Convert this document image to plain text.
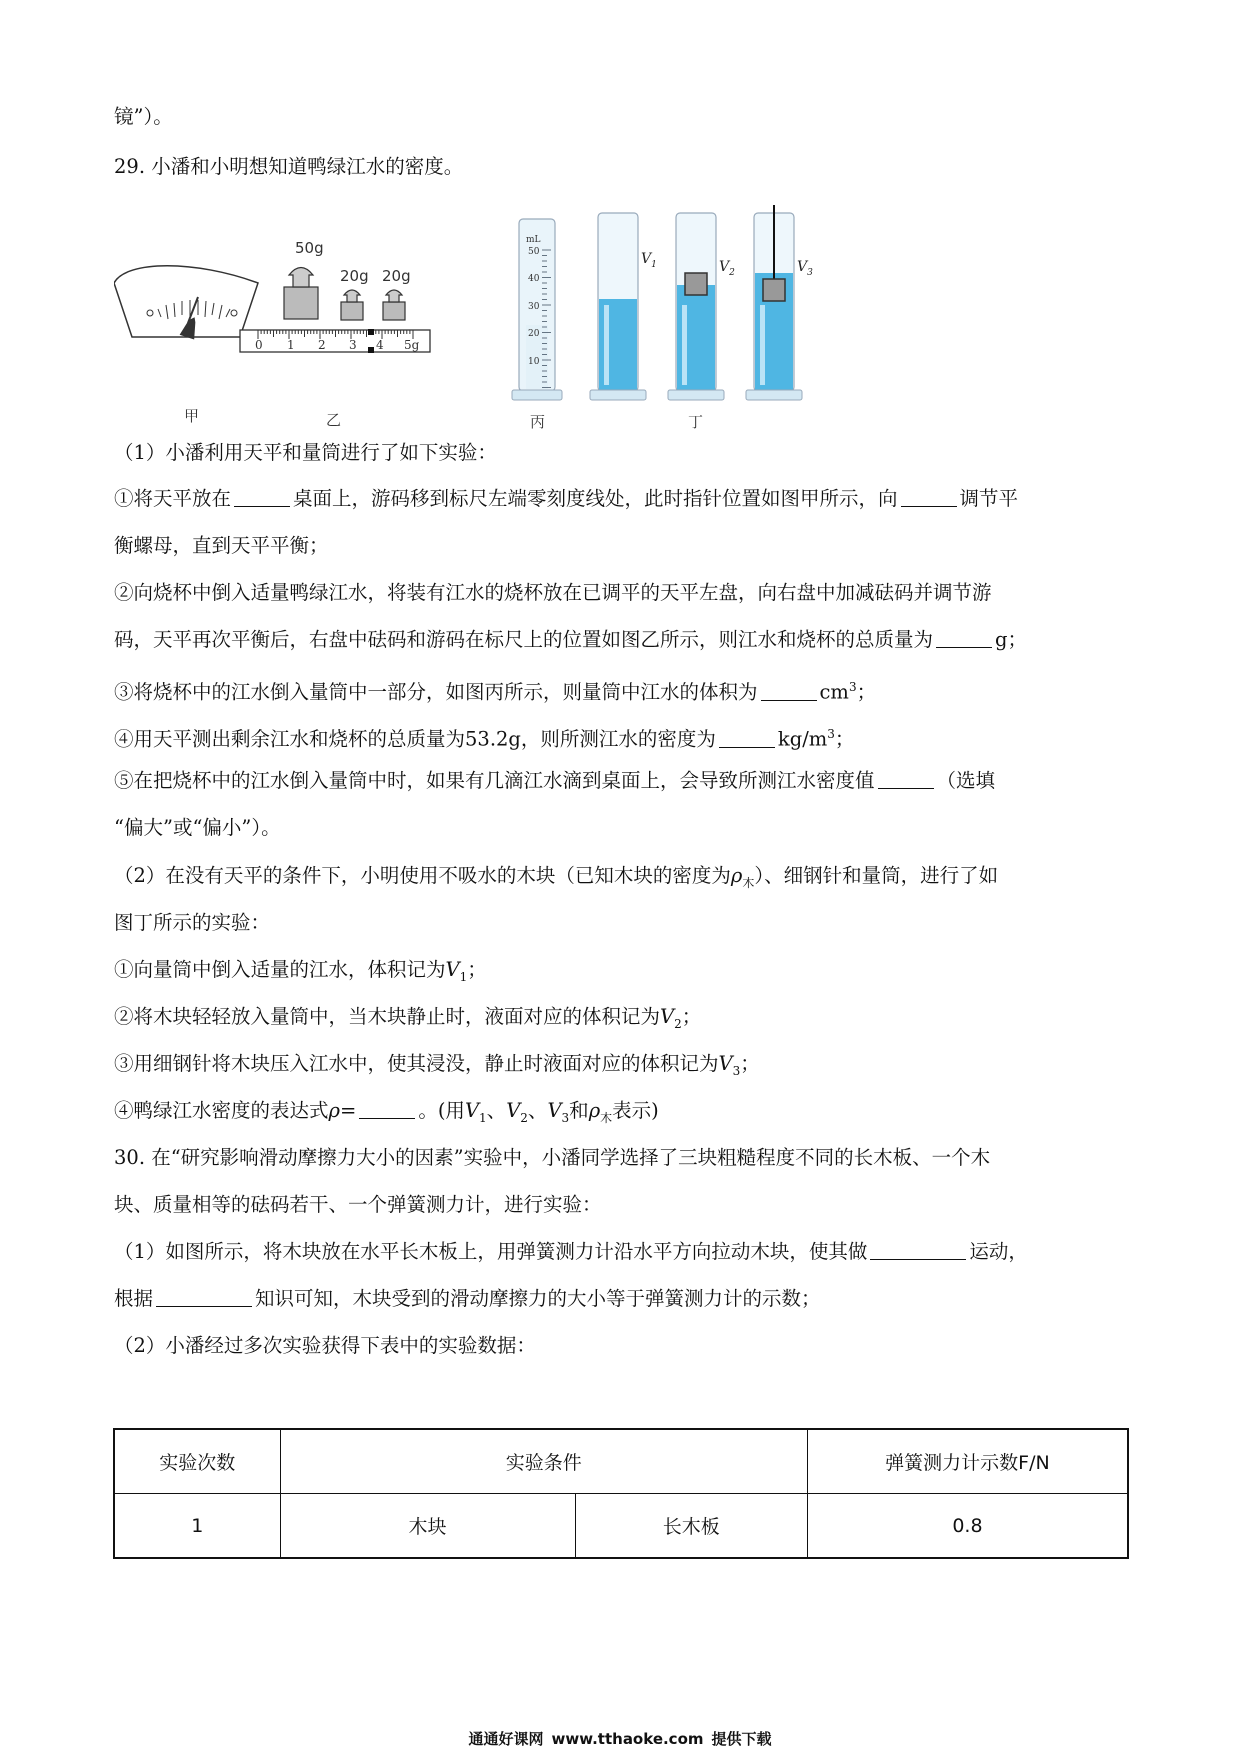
镜”）。
29. 小潘和小明想知道鸭绿江水的密度。
甲
50g
20g 20g
0 1 2 3 4 5g
乙
mL
50
40
30
20
10
丙
$V_1$	$V_2$	$V_3$
丁
（1）小潘利用天平和量筒进行了如下实验：
①将天平放在	桌面上，游码移到标尺左端零刻度线处，此时指针位置如图甲所示，向	调节平
衡螺母，直到天平平衡；
②向烧杯中倒入适量鸭绿江水，将装有江水的烧杯放在已调平的天平左盘，向右盘中加减砝码并调节游
码，天平再次平衡后，右盘中砝码和游码在标尺上的位置如图乙所示，则江水和烧杯的总质量为	g；
③将烧杯中的江水倒入量筒中一部分，如图丙所示，则量筒中江水的体积为	$cm^3$；
④用天平测出剩余江水和烧杯的总质量为53.2g，则所测江水的密度为	$kg/m^3$；
⑤在把烧杯中的江水倒入量筒中时，如果有几滴江水滴到桌面上，会导致所测江水密度值	（选填
“偏大”或“偏小”）。
（2）在没有天平的条件下，小明使用不吸水的木块（已知木块的密度为$\rho_木$）、细钢针和量筒，进行了如
图丁所示的实验：
①向量筒中倒入适量的江水，体积记为$V_1$；
②将木块轻轻放入量筒中，当木块静止时，液面对应的体积记为$V_2$；
③用细钢针将木块压入江水中，使其浸没，静止时液面对应的体积记为$V_3$；
④鸭绿江水密度的表达式ρ=	。(用$V_1$、$V_2$、$V_3$和$\rho_木$表示)
30. 在“研究影响滑动摩擦力大小的因素”实验中，小潘同学选择了三块粗糙程度不同的长木板、一个木
块、质量相等的砝码若干、一个弹簧测力计，进行实验：
（1）如图所示，将木块放在水平长木板上，用弹簧测力计沿水平方向拉动木块，使其做	运动，
根据	知识可知，木块受到的滑动摩擦力的大小等于弹簧测力计的示数；
（2）小潘经过多次实验获得下表中的实验数据：
实验次数	实验条件		弹簧测力计示数F/N
1	木块	长木板	0.8
通通好课网 www.tthaoke.com 提供下载
